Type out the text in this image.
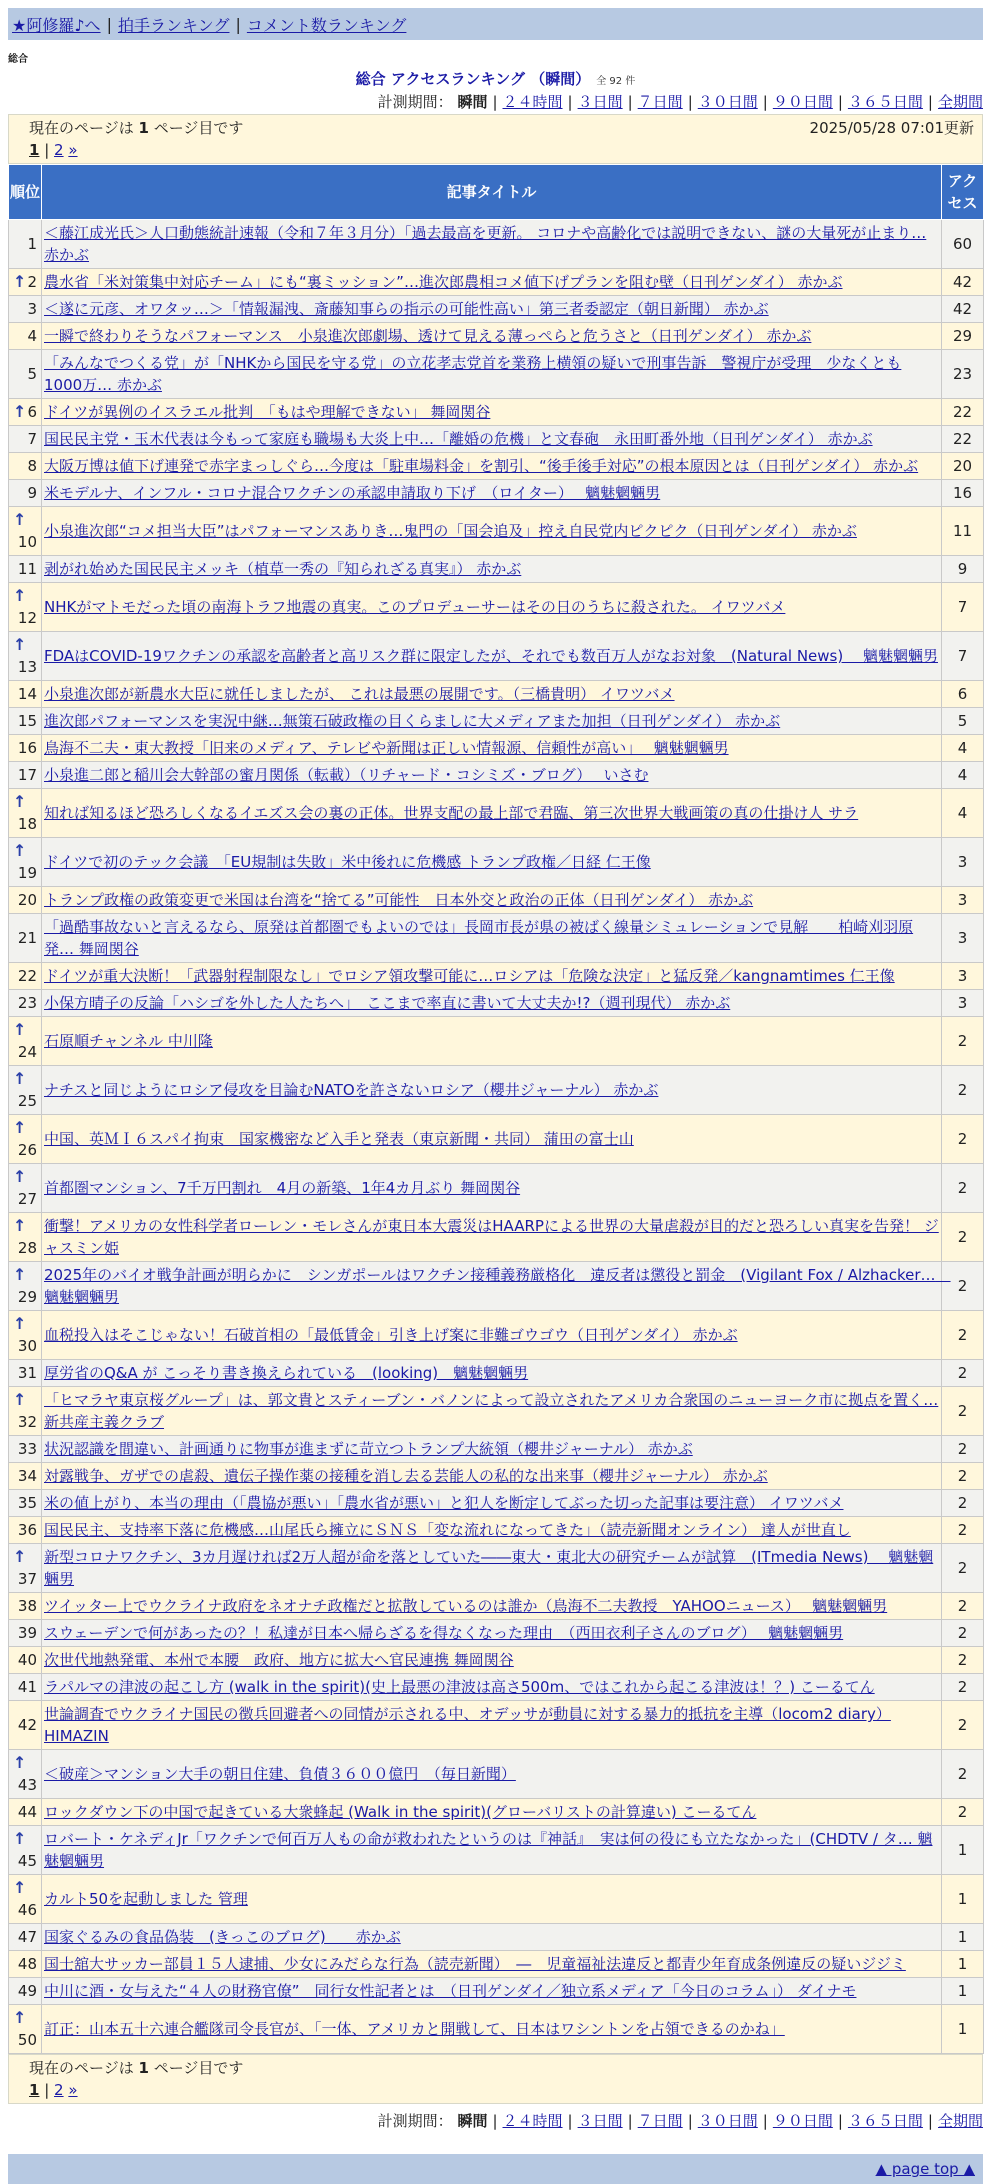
★阿修羅♪へ | 拍手ランキング | コメント数ランキング
総合
総合 アクセスランキング （瞬間） 全 92 件
計測期間： 瞬間 | ２４時間 | ３日間 | ７日間 | ３０日間 | ９０日間 | ３６５日間 | 全期間
現在のページは 1 ページ目です	2025/05/28 07:01更新
1 | 2 »
順位	記事タイトル	アクセス
1	＜藤江成光氏＞人口動態統計速報（令和７年３月分）「過去最高を更新。 コロナや高齢化では説明できない、謎の大量死が止まり… 赤かぶ	60

↑ 2	農水省「米対策集中対応チーム」にも“裏ミッション”…進次郎農相コメ値下げプランを阻む壁（日刊ゲンダイ） 赤かぶ	42
3	＜遂に元彦、オワタッ…＞「情報漏洩、斎藤知事らの指示の可能性高い」第三者委認定（朝日新聞） 赤かぶ	42
4	一瞬で終わりそうなパフォーマンス　小泉進次郎劇場、透けて見える薄っぺらと危うさと（日刊ゲンダイ） 赤かぶ	29
5	「みんなでつくる党」が「NHKから国民を守る党」の立花孝志党首を業務上横領の疑いで刑事告訴　警視庁が受理　少なくとも1000万… 赤かぶ	23

↑ 6	ドイツが異例のイスラエル批判　「もはや理解できない」 舞岡関谷	22
7	国民民主党・玉木代表は今もって家庭も職場も大炎上中…「離婚の危機」と文春砲　永田町番外地（日刊ゲンダイ） 赤かぶ	22
8	大阪万博は値下げ連発で赤字まっしぐら…今度は「駐車場料金」を割引、“後手後手対応”の根本原因とは（日刊ゲンダイ） 赤かぶ	20
9	米モデルナ、インフル・コロナ混合ワクチンの承認申請取り下げ　（ロイター）　 魑魅魍魎男	16

↑
10	小泉進次郎“コメ担当大臣”はパフォーマンスありき…鬼門の「国会追及」控え自民党内ピクピク（日刊ゲンダイ） 赤かぶ	11
11	剥がれ始めた国民民主メッキ（植草一秀の『知られざる真実』） 赤かぶ	9

↑
12	NHKがマトモだった頃の南海トラフ地震の真実。このプロデューサーはその日のうちに殺された。 イワツバメ	7

↑
13	FDAはCOVID-19ワクチンの承認を高齢者と高リスク群に限定したが、それでも数百万人がなお対象　(Natural News)　 魑魅魍魎男	7
14	小泉進次郎が新農水大臣に就任しましたが、 これは最悪の展開です。（三橋貴明） イワツバメ	6
15	進次郎パフォーマンスを実況中継…無策石破政権の目くらましに大メディアまた加担（日刊ゲンダイ） 赤かぶ	5
16	鳥海不二夫・東大教授「旧来のメディア、テレビや新聞は正しい情報源、信頼性が高い」　 魑魅魍魎男	4
17	小泉進二郎と稲川会大幹部の蜜月関係（転載）（リチャード・コシミズ・ブログ）　 いさむ	4

↑
18	知れば知るほど恐ろしくなるイエズス会の裏の正体。世界支配の最上部で君臨、第三次世界大戦画策の真の仕掛け人 サラ	4

↑
19	ドイツで初のテック会議　「EU規制は失敗」米中後れに危機感 トランプ政権／日経 仁王像	3
20	トランプ政権の政策変更で米国は台湾を“捨てる”可能性　日本外交と政治の正体（日刊ゲンダイ） 赤かぶ	3
21	「過酷事故ないと言えるなら、原発は首都圏でもよいのでは」長岡市長が県の被ばく線量シミュレーションで見解　　柏崎刈羽原発… 舞岡関谷	3
22	ドイツが重大決断！「武器射程制限なし」でロシア領攻撃可能に…ロシアは「危険な決定」と猛反発／kangnamtimes 仁王像	3
23	小保方晴子の反論「ハシゴを外した人たちへ」　ここまで率直に書いて大丈夫か!?（週刊現代） 赤かぶ	3

↑
24	石原順チャンネル 中川隆	2

↑
25	ナチスと同じようにロシア侵攻を目論むNATOを許さないロシア（櫻井ジャーナル） 赤かぶ	2

↑
26	中国、英ＭＩ６スパイ拘束　国家機密など入手と発表（東京新聞・共同） 蒲田の富士山	2

↑
27	首都圏マンション、7千万円割れ　4月の新築、1年4カ月ぶり 舞岡関谷	2

↑
28	衝撃！アメリカの女性科学者ローレン・モレさんが東日本大震災はHAARPによる世界の大量虐殺が目的だと恐ろしい真実を告発！ ジャスミン姫	2

↑
29	2025年のバイオ戦争計画が明らかに　シンガポールはワクチン接種義務厳格化　違反者は懲役と罰金　(Vigilant Fox / Alzhacker…　魑魅魍魎男	2

↑
30	血税投入はそこじゃない！石破首相の「最低賃金」引き上げ案に非難ゴウゴウ（日刊ゲンダイ） 赤かぶ	2
31	厚労省のQ&A が こっそり書き換えられている　(looking)　魑魅魍魎男	2

↑
32	「ヒマラヤ東京桜グループ」は、郭文貴とスティーブン・バノンによって設立されたアメリカ合衆国のニューヨーク市に拠点を置く… 新共産主義クラブ	2
33	状況認識を間違い、計画通りに物事が進まずに苛立つトランプ大統領（櫻井ジャーナル） 赤かぶ	2
34	対露戦争、ガザでの虐殺、遺伝子操作薬の接種を消し去る芸能人の私的な出来事（櫻井ジャーナル） 赤かぶ	2
35	米の値上がり、本当の理由（「農協が悪い」「農水省が悪い」と犯人を断定してぶった切った記事は要注意） イワツバメ	2
36	国民民主、支持率下落に危機感…山尾氏ら擁立にＳＮＳ「変な流れになってきた」（読売新聞オンライン） 達人が世直し	2

↑
37	新型コロナワクチン、3カ月遅ければ2万人超が命を落としていた――東大・東北大の研究チームが試算　(ITmedia News)　 魑魅魍魎男	2
38	ツイッター上でウクライナ政府をネオナチ政権だと拡散しているのは誰か（鳥海不二夫教授　YAHOOニュース）　 魑魅魍魎男	2
39	スウェーデンで何があったの？！私達が日本へ帰らざるを得なくなった理由　（西田衣利子さんのブログ）　 魑魅魍魎男	2
40	次世代地熱発電、本州で本腰　政府、地方に拡大へ官民連携 舞岡関谷	2
41	ラパルマの津波の起こし方 (walk in the spirit)(史上最悪の津波は高さ500m、ではこれから起こる津波は！？) こーるてん	2
42	世論調査でウクライナ国民の徴兵回避者への同情が示される中、オデッサが動員に対する暴力的抵抗を主導（locom2 diary） HIMAZIN	2

↑
43	＜破産＞マンション大手の朝日住建、負債３６００億円　（毎日新聞）	2
44	ロックダウン下の中国で起きている大衆蜂起 (Walk in the spirit)(グローバリストの計算違い) こーるてん	2

↑
45	ロバート・ケネディJr「ワクチンで何百万人もの命が救われたというのは『神話』　実は何の役にも立たなかった」(CHDTV / タ… 魑魅魍魎男	1

↑
46	カルト50を起動しました 管理	1
47	国家ぐるみの食品偽装　(きっこのブログ)　　赤かぶ	1
48	国士舘大サッカー部員１５人逮捕、少女にみだらな行為（読売新聞）　―　児童福祉法違反と都青少年育成条例違反の疑いジジミ	1
49	中川に酒・女与えた“４人の財務官僚”　同行女性記者とは　（日刊ゲンダイ／独立系メディア「今日のコラム」） ダイナモ	1

↑
50	訂正：山本五十六連合艦隊司令長官が、「一体、アメリカと開戦して、日本はワシントンを占領できるのかね」	1
現在のページは 1 ページ目です
1 | 2 »
計測期間： 瞬間 | ２４時間 | ３日間 | ７日間 | ３０日間 | ９０日間 | ３６５日間 | 全期間
▲ page top ▲
